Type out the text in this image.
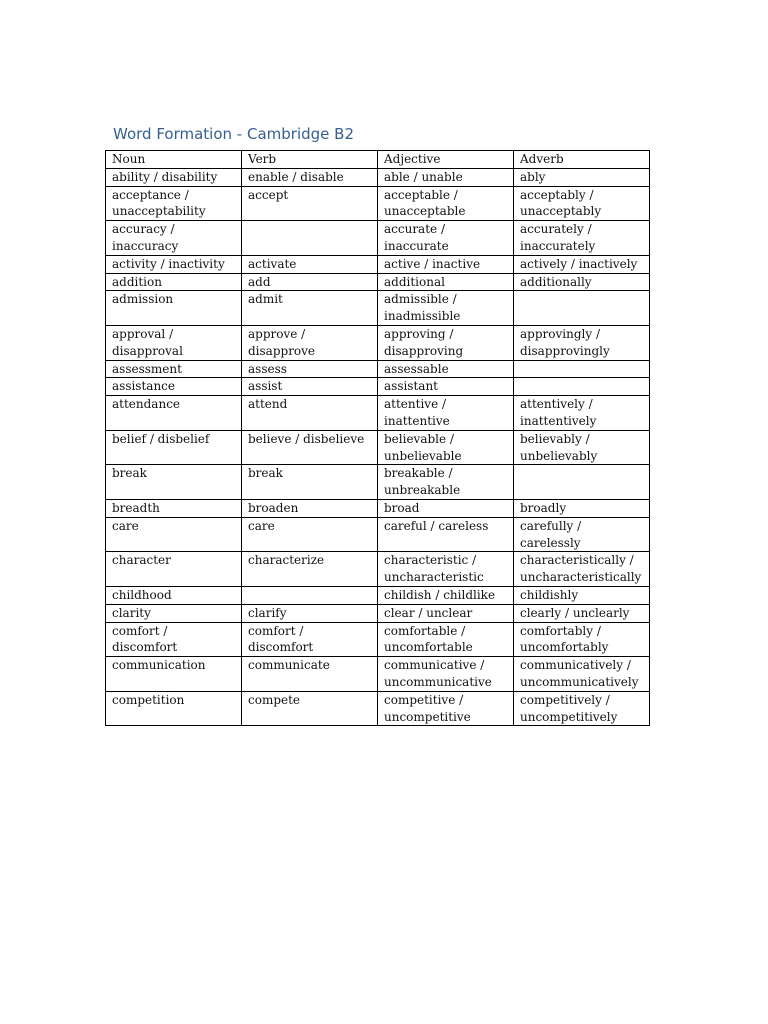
Word Formation - Cambridge B2
Noun	Verb	Adjective	Adverb

ability / disability	enable / disable	able / unable	ably

acceptance / unacceptability	accept	acceptable / unacceptable	acceptably / unacceptably

accuracy / inaccuracy		accurate / inaccurate	accurately / inaccurately

activity / inactivity	activate	active / inactive	actively / inactively

addition	add	additional	additionally

admission	admit	admissible / inadmissible	

approval / disapproval	approve / disapprove	approving / disapproving	approvingly / disapprovingly

assessment	assess	assessable	

assistance	assist	assistant	

attendance	attend	attentive / inattentive	attentively / inattentively

belief / disbelief	believe / disbelieve	believable / unbelievable	believably / unbelievably

break	break	breakable / unbreakable	

breadth	broaden	broad	broadly

care	care	careful / careless	carefully / carelessly

character	characterize	characteristic / uncharacteristic	characteristically / uncharacteristically

childhood		childish / childlike	childishly

clarity	clarify	clear / unclear	clearly / unclearly

comfort / discomfort	comfort / discomfort	comfortable / uncomfortable	comfortably / uncomfortably

communication	communicate	communicative / uncommunicative	communicatively / uncommunicatively

competition	compete	competitive / uncompetitive	competitively / uncompetitively
